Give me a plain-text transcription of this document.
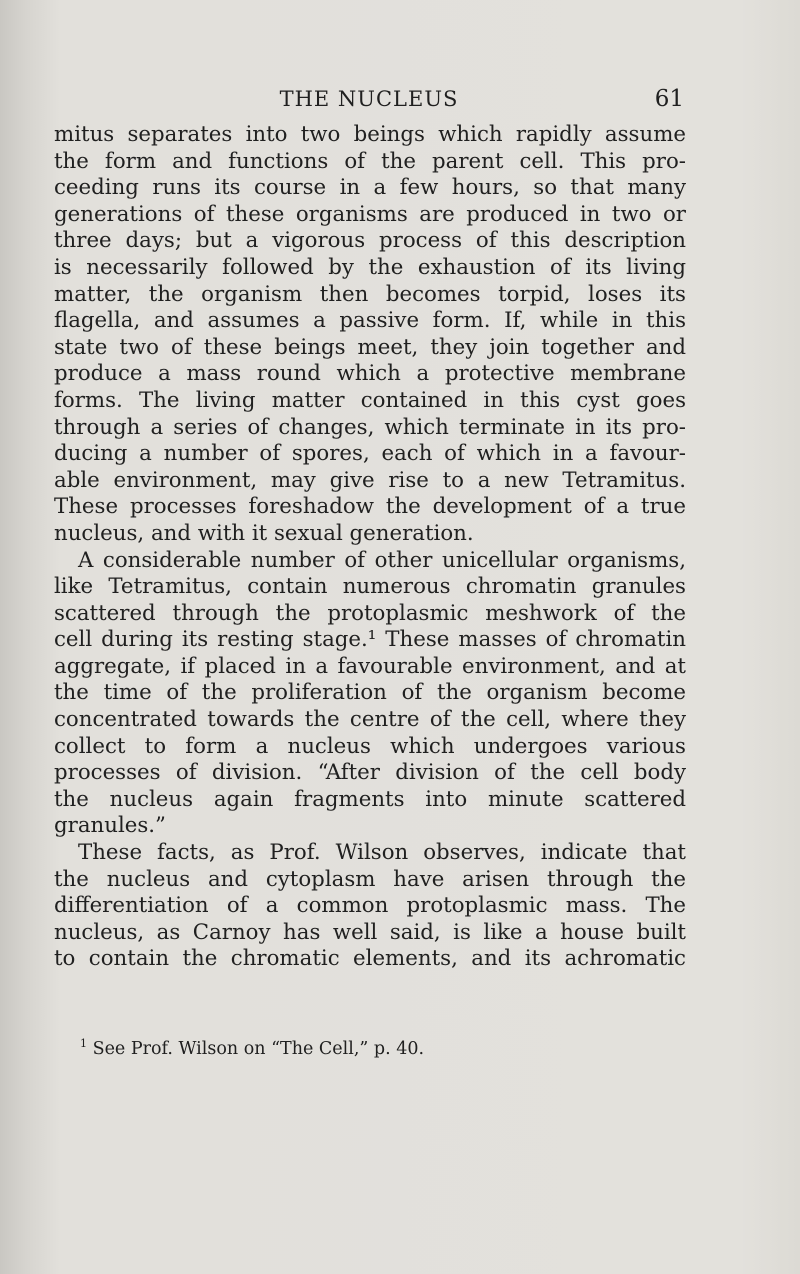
THE NUCLEUS	61

mitus separates into two beings which rapidly assume
the form and functions of the parent cell. This pro-
ceeding runs its course in a few hours, so that many
generations of these organisms are produced in two or
three days; but a vigorous process of this description
is necessarily followed by the exhaustion of its living
matter, the organism then becomes torpid, loses its
flagella, and assumes a passive form. If, while in this
state two of these beings meet, they join together and
produce a mass round which a protective membrane
forms. The living matter contained in this cyst goes
through a series of changes, which terminate in its pro-
ducing a number of spores, each of which in a favour-
able environment, may give rise to a new Tetramitus.
These processes foreshadow the development of a true
nucleus, and with it sexual generation.

A considerable number of other unicellular organisms,
like Tetramitus, contain numerous chromatin granules
scattered through the protoplasmic meshwork of the
cell during its resting stage.¹ These masses of chromatin
aggregate, if placed in a favourable environment, and at
the time of the proliferation of the organism become
concentrated towards the centre of the cell, where they
collect to form a nucleus which undergoes various
processes of division. “After division of the cell body
the nucleus again fragments into minute scattered
granules.”

These facts, as Prof. Wilson observes, indicate that
the nucleus and cytoplasm have arisen through the
differentiation of a common protoplasmic mass. The
nucleus, as Carnoy has well said, is like a house built
to contain the chromatic elements, and its achromatic

$^1$ See Prof. Wilson on “The Cell,” p. 40.
